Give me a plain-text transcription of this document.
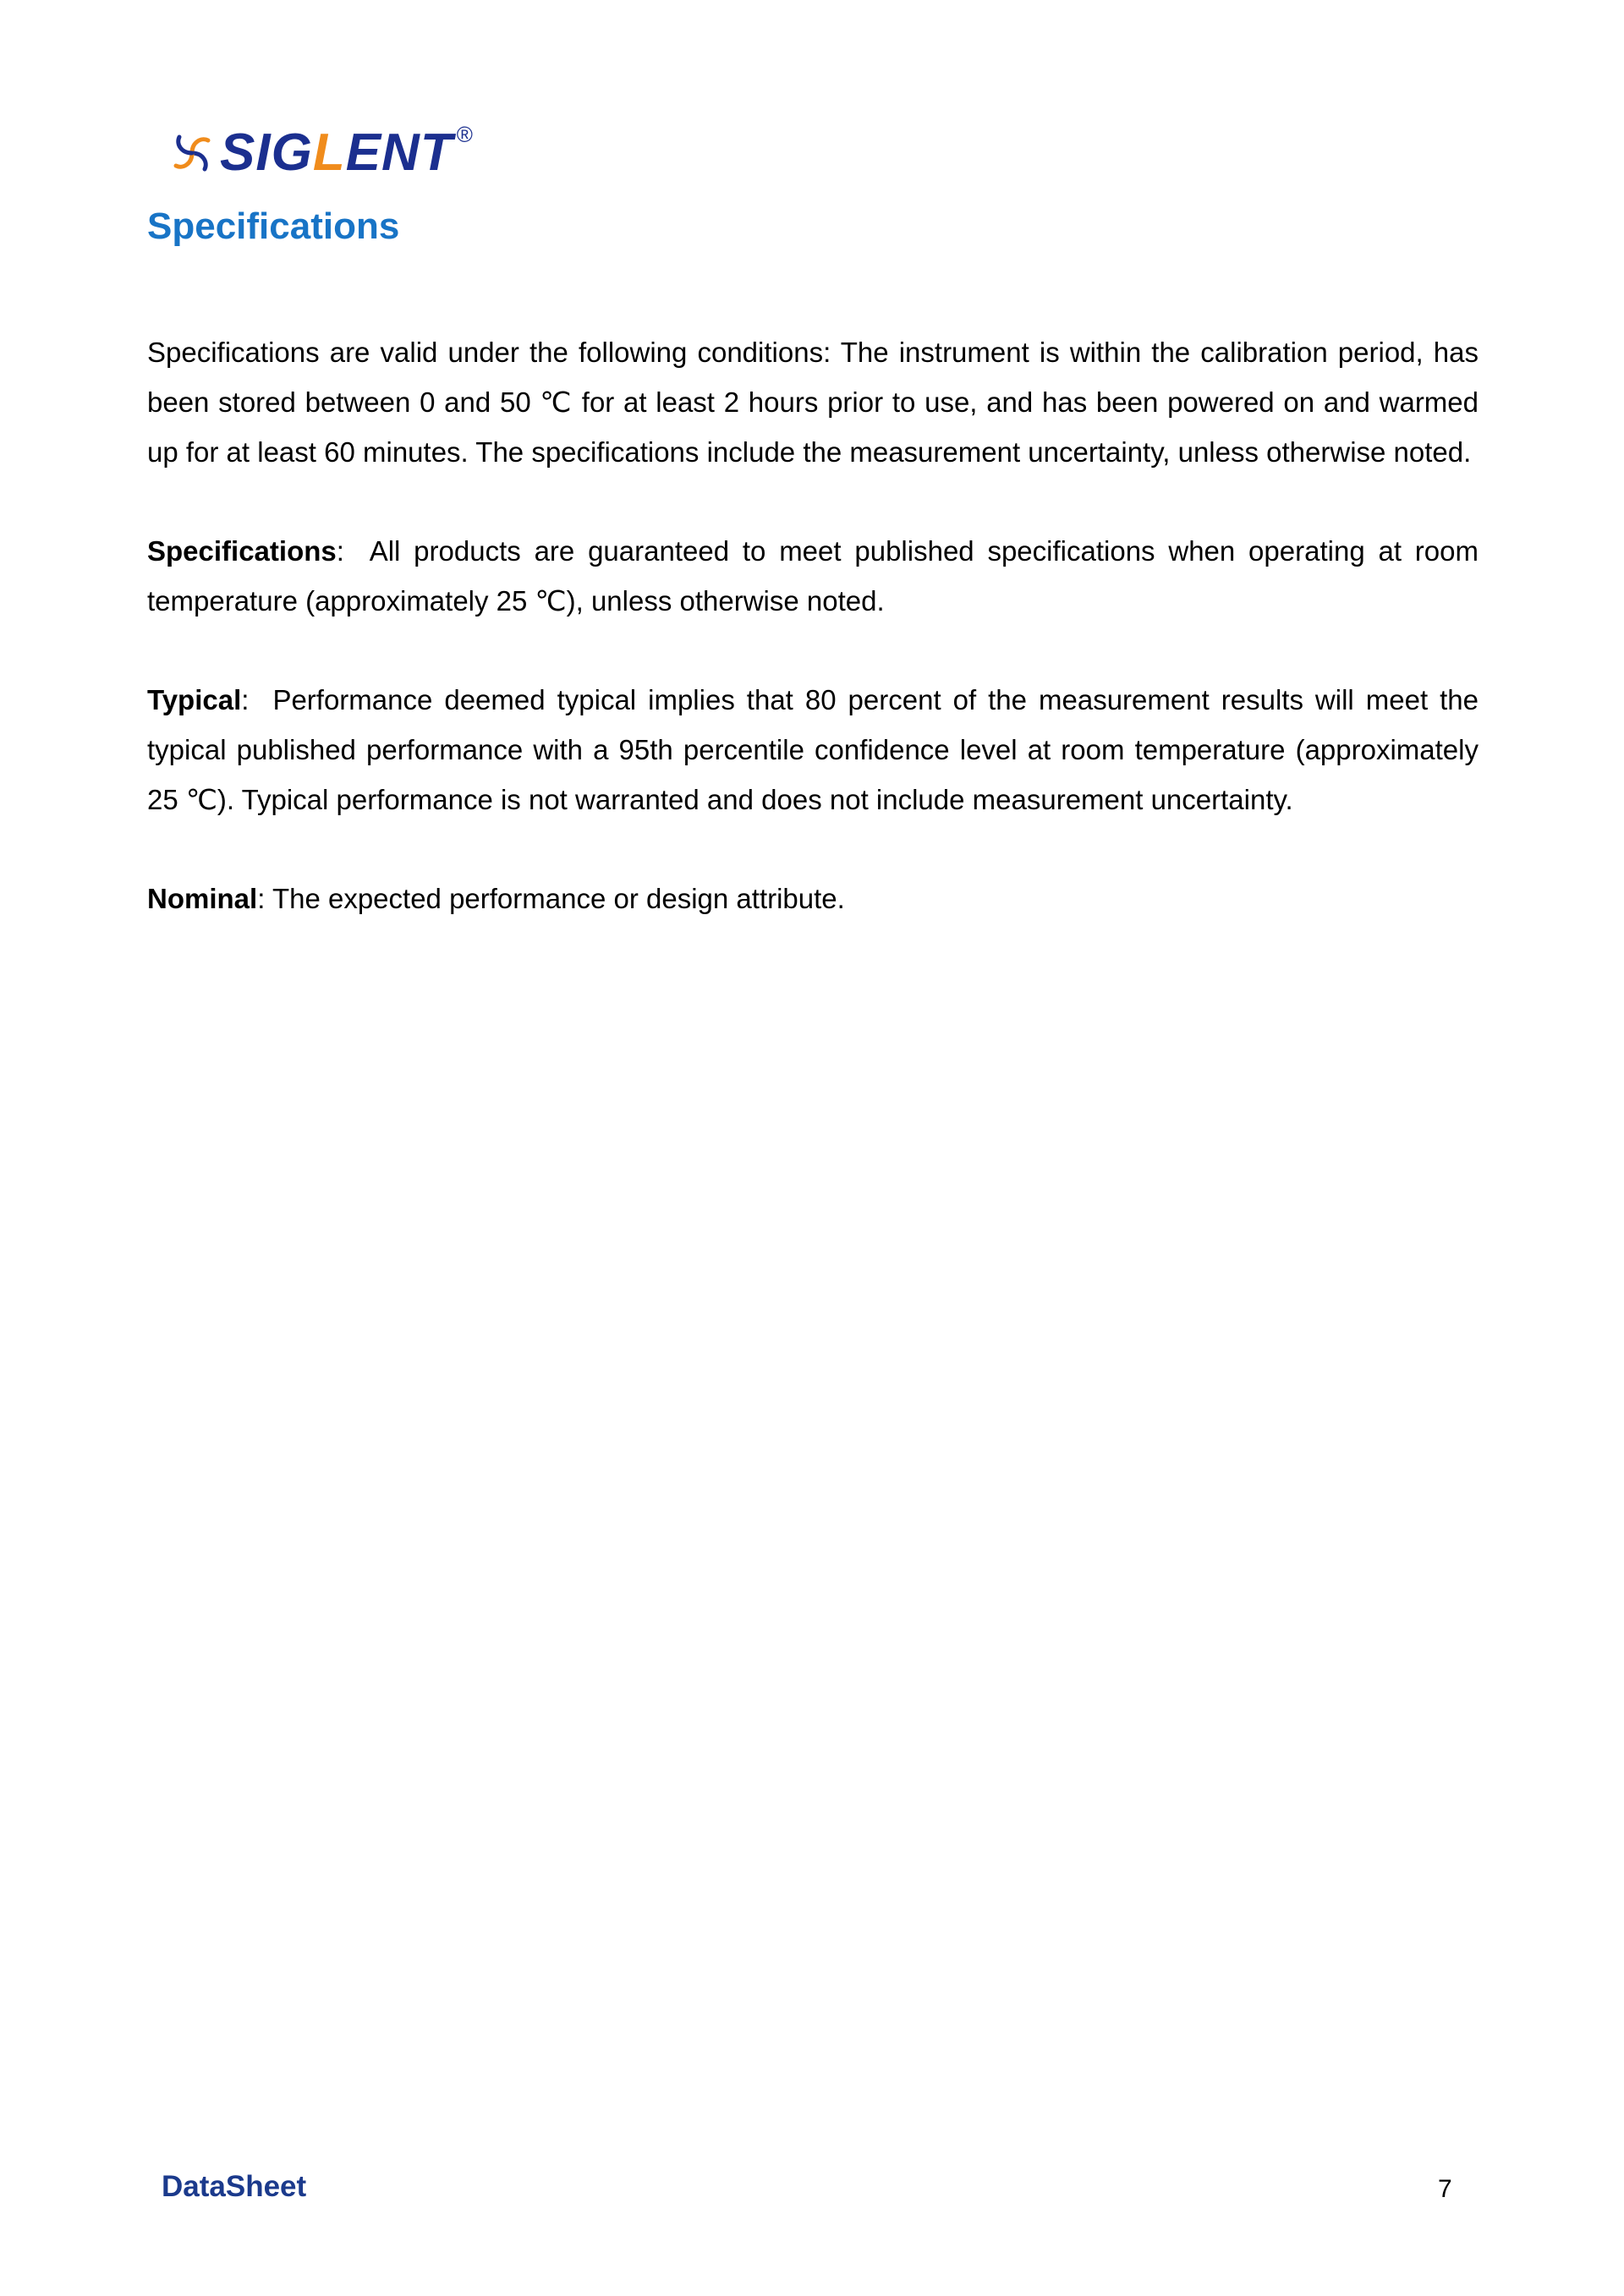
SIGLENT ®
Specifications

Specifications are valid under the following conditions: The instrument is within the calibration period, has been stored between 0 and 50 ℃ for at least 2 hours prior to use, and has been powered on and warmed up for at least 60 minutes. The specifications include the measurement uncertainty, unless otherwise noted.

Specifications:  All products are guaranteed to meet published specifications when operating at room temperature (approximately 25 ℃), unless otherwise noted.

Typical:  Performance deemed typical implies that 80 percent of the measurement results will meet the typical published performance with a 95th percentile confidence level at room temperature (approximately 25 ℃). Typical performance is not warranted and does not include measurement uncertainty.

Nominal: The expected performance or design attribute.

DataSheet	7
